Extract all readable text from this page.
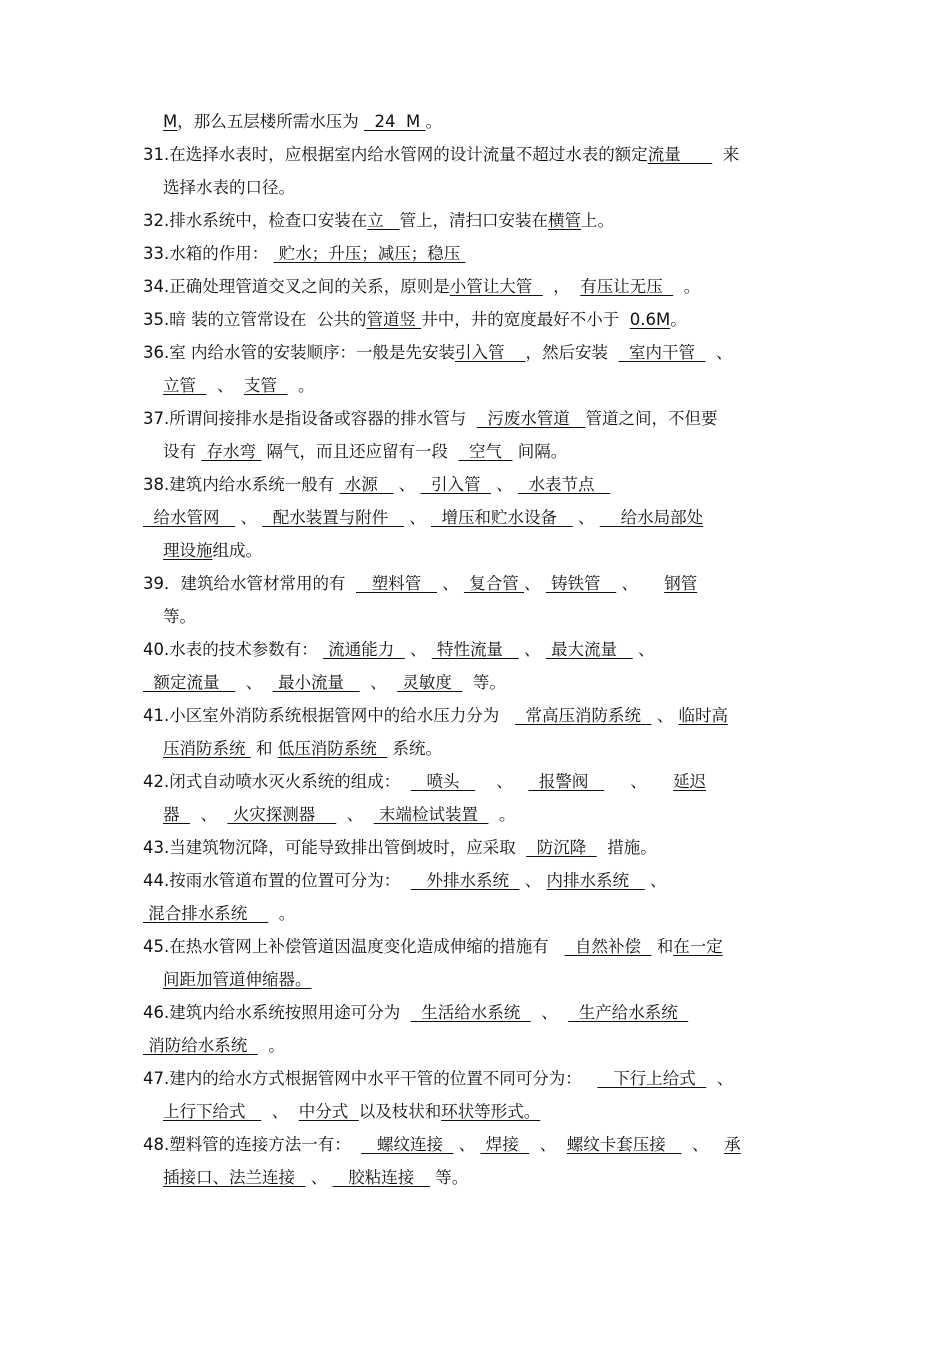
M，那么五层楼所需水压为   24  M 。
31.在选择水表时，应根据室内给水管网的设计流量不超过水表的额定流量        来
选择水表的口径。
32.排水系统中，检查口安装在立   管上，清扫口安装在横管上。
33.水箱的作用：  贮水；升压；减压；稳压
34.正确处理管道交叉之间的关系，原则是小管让大管    ，  有压让无压    。
35.暗 装的立管常设在  公共的管道竖 井中，井的宽度最好不小于  0.6M。
36.室 内给水管的安装顺序：一般是先安装引入管    ，然后安装    室内干管    、
立管    、  支管    。
37.所谓间接排水是指设备或容器的排水管与    污废水管道   管道之间，不但要
设有  存水弯  隔气，而且还应留有一段    空气   间隔。
38.建筑内给水系统一般有  水源    、   引入管   、   水表节点
给水管网    、   配水装置与附件    、   增压和贮水设备    、     给水局部处
理设施组成。
39．建筑给水管材常用的有     塑料管    、  复合管 、  铸铁管    、     钢管
等。
40.水表的技术参数有：  流通能力   、  特性流量    、  最大流量    、
额定流量     、   最小流量     、   灵敏度    等。
41.小区室外消防系统根据管网中的给水压力分为     常高压消防系统   、 临时高
压消防系统  和 低压消防系统   系统。
42.闭式自动喷水灭火系统的组成：     喷头       、     报警阀        、     延迟
器    、   火灾探测器      、   末端检试装置    。
43.当建筑物沉降，可能导致排出管倒坡时，应采取    防沉降    措施。
44.按雨水管道布置的位置可分为：     外排水系统   、 内排水系统    、
混合排水系统      。
45.在热水管网上补偿管道因温度变化造成伸缩的措施有     自然补偿   和在一定
间距加管道伸缩器。
46.建筑内给水系统按照用途可分为    生活给水系统    、    生产给水系统
消防给水系统    。
47.建内的给水方式根据管网中水平干管的位置不同可分为：      下行上给式    、
上行下给式     、  中分式  以及枝状和环状等形式。
48.塑料管的连接方法一有：     螺纹连接   、  焊接    、  螺纹卡套压接     、   承
插接口、法兰连接   、    胶粘连接    等。
